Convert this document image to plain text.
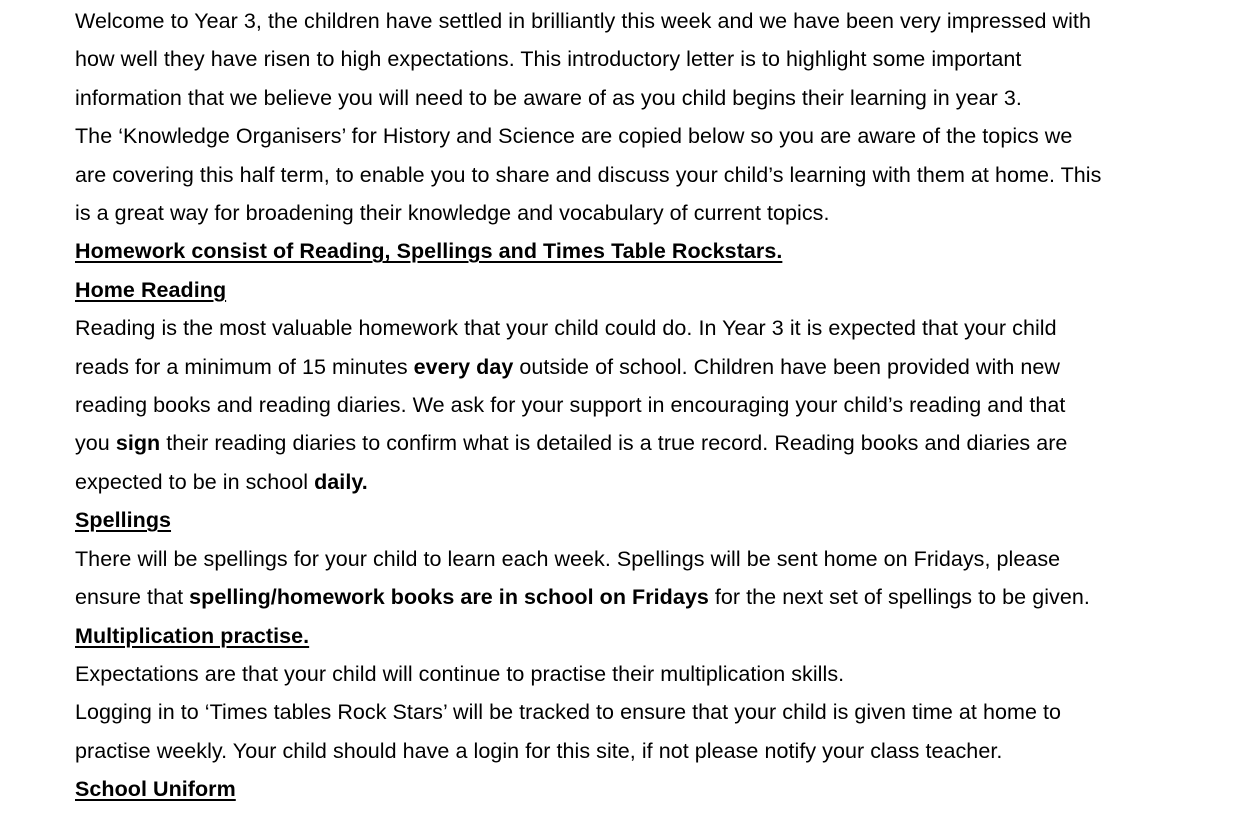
Welcome to Year 3, the children have settled in brilliantly this week and we have been very impressed with
how well they have risen to high expectations. This introductory letter is to highlight some important
information that we believe you will need to be aware of as you child begins their learning in year 3.
The ‘Knowledge Organisers’ for History and Science are copied below so you are aware of the topics we
are covering this half term, to enable you to share and discuss your child’s learning with them at home. This
is a great way for broadening their knowledge and vocabulary of current topics.
Homework consist of Reading, Spellings and Times Table Rockstars.
Home Reading
Reading is the most valuable homework that your child could do. In Year 3 it is expected that your child
reads for a minimum of 15 minutes every day outside of school. Children have been provided with new
reading books and reading diaries. We ask for your support in encouraging your child’s reading and that
you sign their reading diaries to confirm what is detailed is a true record. Reading books and diaries are
expected to be in school daily.
Spellings
There will be spellings for your child to learn each week. Spellings will be sent home on Fridays, please
ensure that spelling/homework books are in school on Fridays for the next set of spellings to be given.
Multiplication practise.
Expectations are that your child will continue to practise their multiplication skills.
Logging in to ‘Times tables Rock Stars’ will be tracked to ensure that your child is given time at home to
practise weekly. Your child should have a login for this site, if not please notify your class teacher.
School Uniform
